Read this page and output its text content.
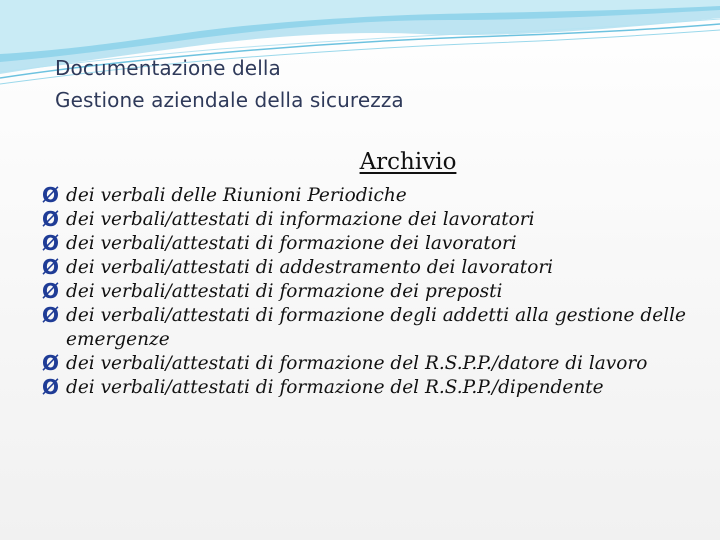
Documentazione della
Gestione aziendale della sicurezza
Archivio
Ø dei verbali delle Riunioni Periodiche
Ø dei verbali/attestati di informazione dei lavoratori
Ø dei verbali/attestati di formazione dei lavoratori
Ø dei verbali/attestati di addestramento dei lavoratori
Ø dei verbali/attestati di formazione dei preposti
Ø dei verbali/attestati di formazione degli addetti alla gestione delle emergenze
Ø dei verbali/attestati di formazione del R.S.P.P./datore di lavoro
Ø dei verbali/attestati di formazione del R.S.P.P./dipendente
